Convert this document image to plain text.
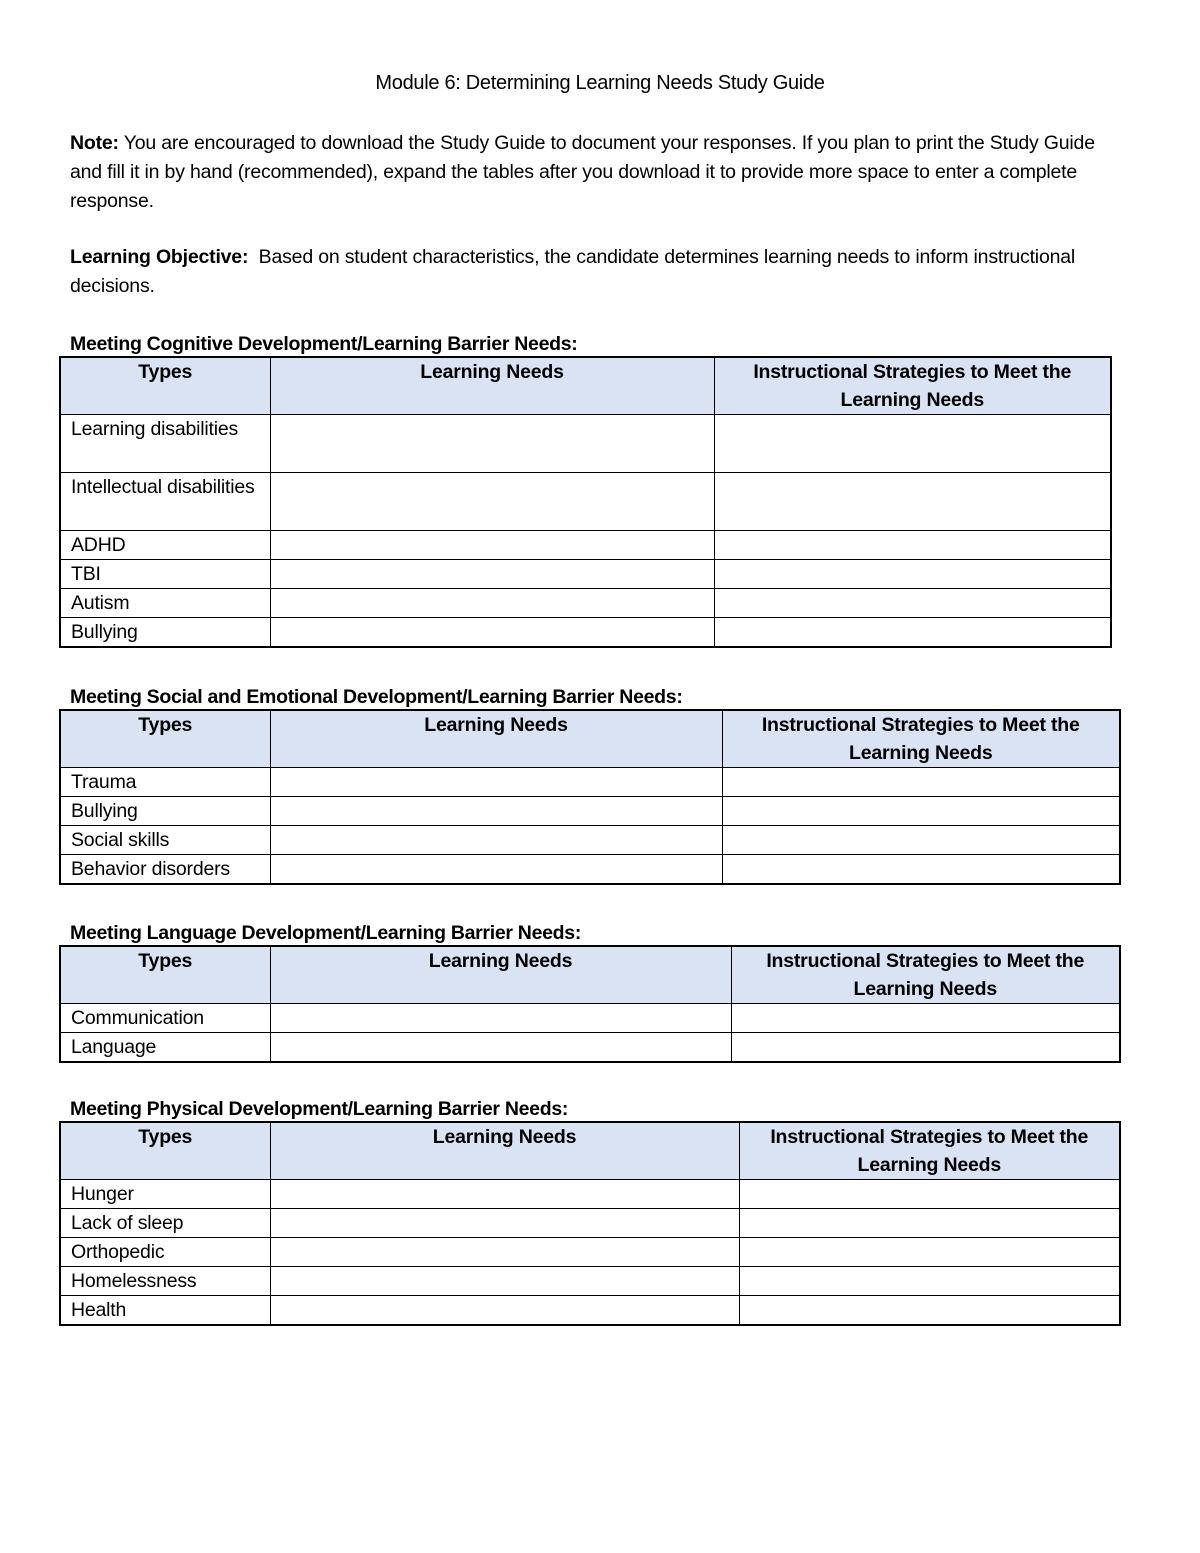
Module 6: Determining Learning Needs Study Guide
Note: You are encouraged to download the Study Guide to document your responses. If you plan to print the Study Guide and fill it in by hand (recommended), expand the tables after you download it to provide more space to enter a complete response.
Learning Objective:  Based on student characteristics, the candidate determines learning needs to inform instructional decisions.
Meeting Cognitive Development/Learning Barrier Needs:
Types	Learning Needs	Instructional Strategies to Meet the Learning Needs
Learning disabilities		
Intellectual disabilities		
ADHD		
TBI		
Autism		
Bullying		
Meeting Social and Emotional Development/Learning Barrier Needs:
Types	Learning Needs	Instructional Strategies to Meet the Learning Needs
Trauma		
Bullying		
Social skills		
Behavior disorders		
Meeting Language Development/Learning Barrier Needs:
Types	Learning Needs	Instructional Strategies to Meet the Learning Needs
Communication		
Language		
Meeting Physical Development/Learning Barrier Needs:
Types	Learning Needs	Instructional Strategies to Meet the Learning Needs
Hunger		
Lack of sleep		
Orthopedic		
Homelessness		
Health		
